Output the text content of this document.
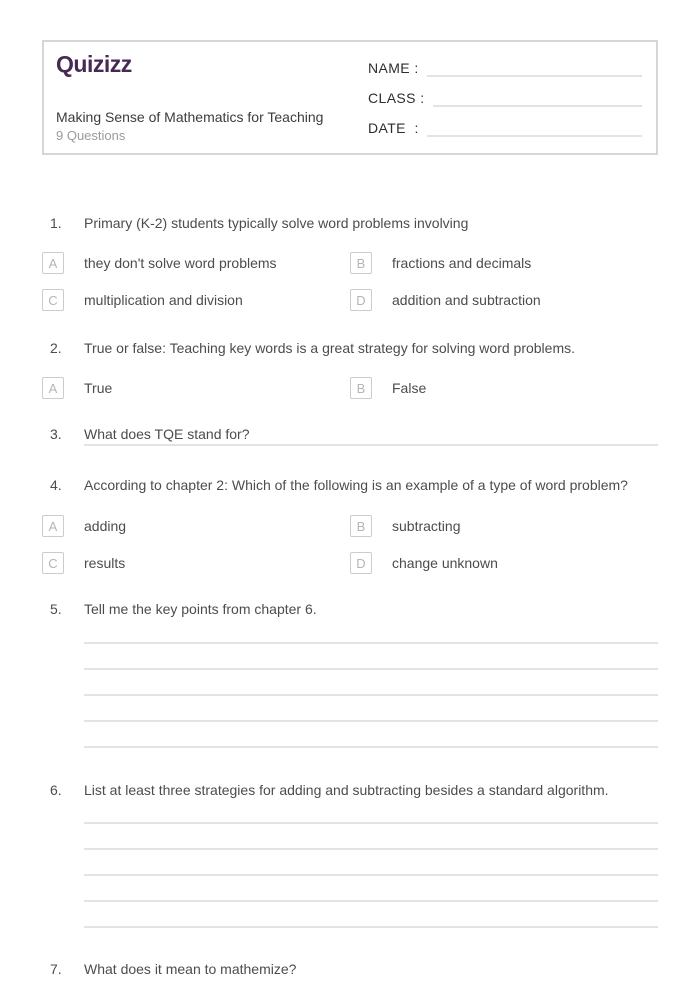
Quizizz
Making Sense of Mathematics for Teaching
9 Questions
NAME :
CLASS :
DATE  :
1. Primary (K-2) students typically solve word problems involving
A	they don't solve word problems	B	fractions and decimals
C	multiplication and division	D	addition and subtraction
2. True or false: Teaching key words is a great strategy for solving word problems.
A	True	B	False
3. What does TQE stand for?
4. According to chapter 2: Which of the following is an example of a type of word problem?
A	adding	B	subtracting
C	results	D	change unknown
5. Tell me the key points from chapter 6.
6. List at least three strategies for adding and subtracting besides a standard algorithm.
7. What does it mean to mathemize?
